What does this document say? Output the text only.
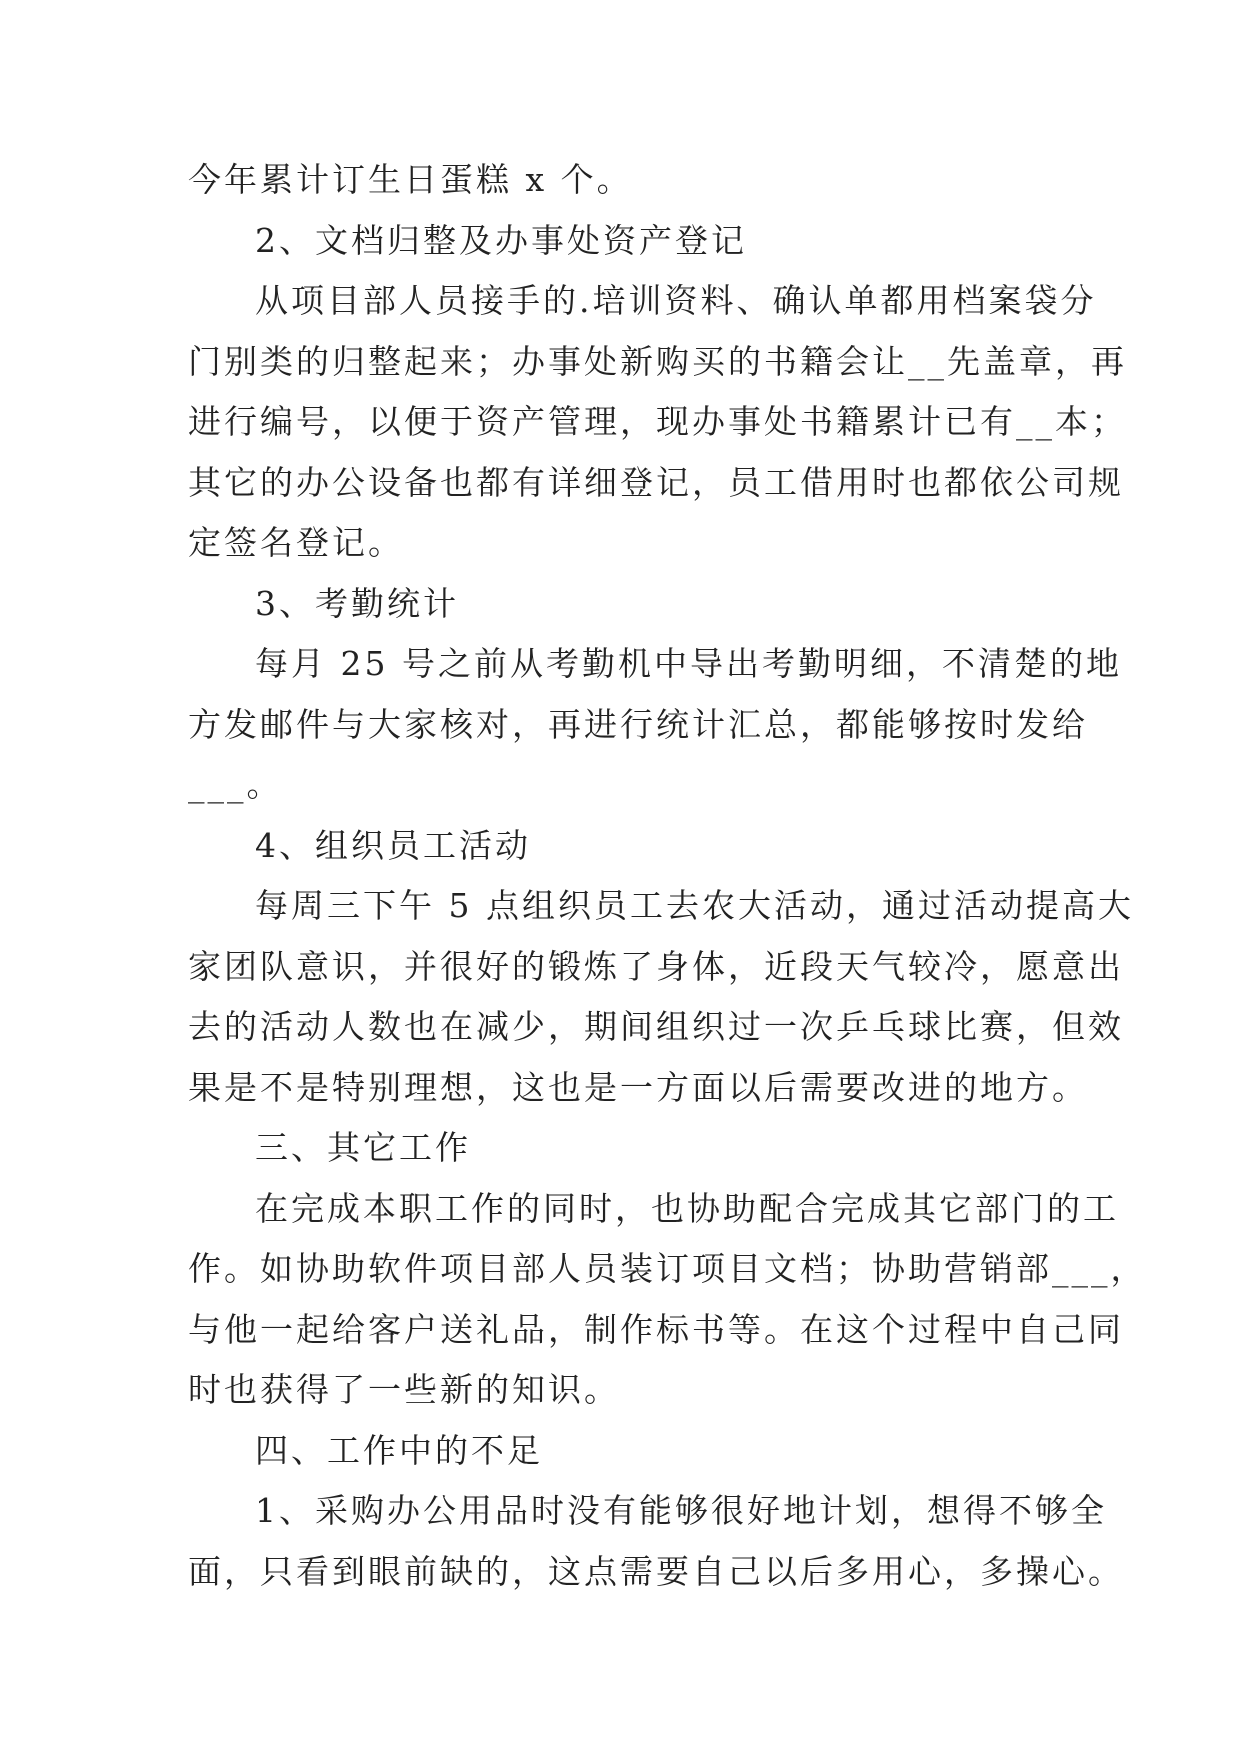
今年累计订生日蛋糕 x 个。
2、文档归整及办事处资产登记
从项目部人员接手的.培训资料、确认单都用档案袋分
门别类的归整起来；办事处新购买的书籍会让__先盖章，再
进行编号，以便于资产管理，现办事处书籍累计已有__本；
其它的办公设备也都有详细登记，员工借用时也都依公司规
定签名登记。
3、考勤统计
每月 25 号之前从考勤机中导出考勤明细，不清楚的地
方发邮件与大家核对，再进行统计汇总，都能够按时发给
___。
4、组织员工活动
每周三下午 5 点组织员工去农大活动，通过活动提高大
家团队意识，并很好的锻炼了身体，近段天气较冷，愿意出
去的活动人数也在减少，期间组织过一次乒乓球比赛，但效
果是不是特别理想，这也是一方面以后需要改进的地方。
三、其它工作
在完成本职工作的同时，也协助配合完成其它部门的工
作。如协助软件项目部人员装订项目文档；协助营销部___，
与他一起给客户送礼品，制作标书等。在这个过程中自己同
时也获得了一些新的知识。
四、工作中的不足
1、采购办公用品时没有能够很好地计划，想得不够全
面，只看到眼前缺的，这点需要自己以后多用心，多操心。
